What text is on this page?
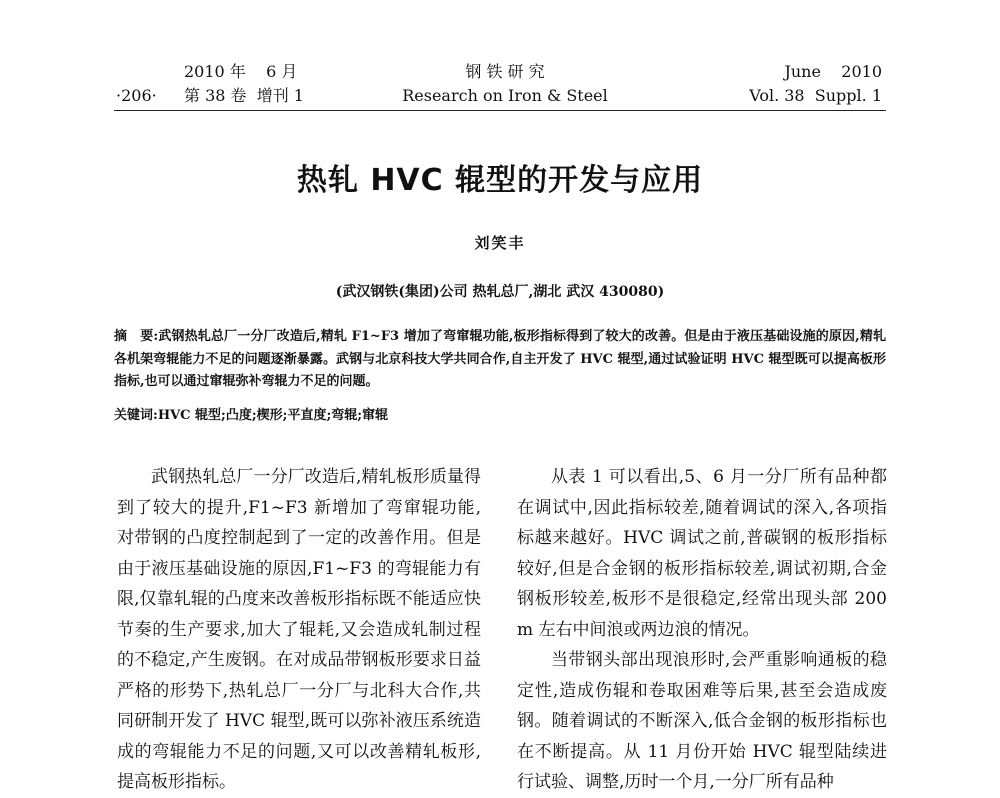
2010 年    6 月
·206·	第 38 卷  增刊 1
钢 铁 研 究
Research on Iron & Steel
June    2010
Vol. 38  Suppl. 1
热轧 HVC 辊型的开发与应用
刘笑丰
(武汉钢铁(集团)公司 热轧总厂,湖北 武汉 430080)
摘　要:武钢热轧总厂一分厂改造后,精轧 F1~F3 增加了弯窜辊功能,板形指标得到了较大的改善。但是由于液压基础设施的原因,精轧各机架弯辊能力不足的问题逐渐暴露。武钢与北京科技大学共同合作,自主开发了 HVC 辊型,通过试验证明 HVC 辊型既可以提高板形指标,也可以通过窜辊弥补弯辊力不足的问题。
关键词:HVC 辊型;凸度;楔形;平直度;弯辊;窜辊

武钢热轧总厂一分厂改造后,精轧板形质量得到了较大的提升,F1~F3 新增加了弯窜辊功能,对带钢的凸度控制起到了一定的改善作用。但是由于液压基础设施的原因,F1~F3 的弯辊能力有限,仅靠轧辊的凸度来改善板形指标既不能适应快节奏的生产要求,加大了辊耗,又会造成轧制过程的不稳定,产生废钢。在对成品带钢板形要求日益严格的形势下,热轧总厂一分厂与北科大合作,共同研制开发了 HVC 辊型,既可以弥补液压系统造成的弯辊能力不足的问题,又可以改善精轧板形,提高板形指标。

从表 1 可以看出,5、6 月一分厂所有品种都在调试中,因此指标较差,随着调试的深入,各项指标越来越好。HVC 调试之前,普碳钢的板形指标较好,但是合金钢的板形指标较差,调试初期,合金钢板形较差,板形不是很稳定,经常出现头部 200 m 左右中间浪或两边浪的情况。

当带钢头部出现浪形时,会严重影响通板的稳定性,造成伤辊和卷取困难等后果,甚至会造成废钢。随着调试的不断深入,低合金钢的板形指标也在不断提高。从 11 月份开始 HVC 辊型陆续进行试验、调整,历时一个月,一分厂所有品种
